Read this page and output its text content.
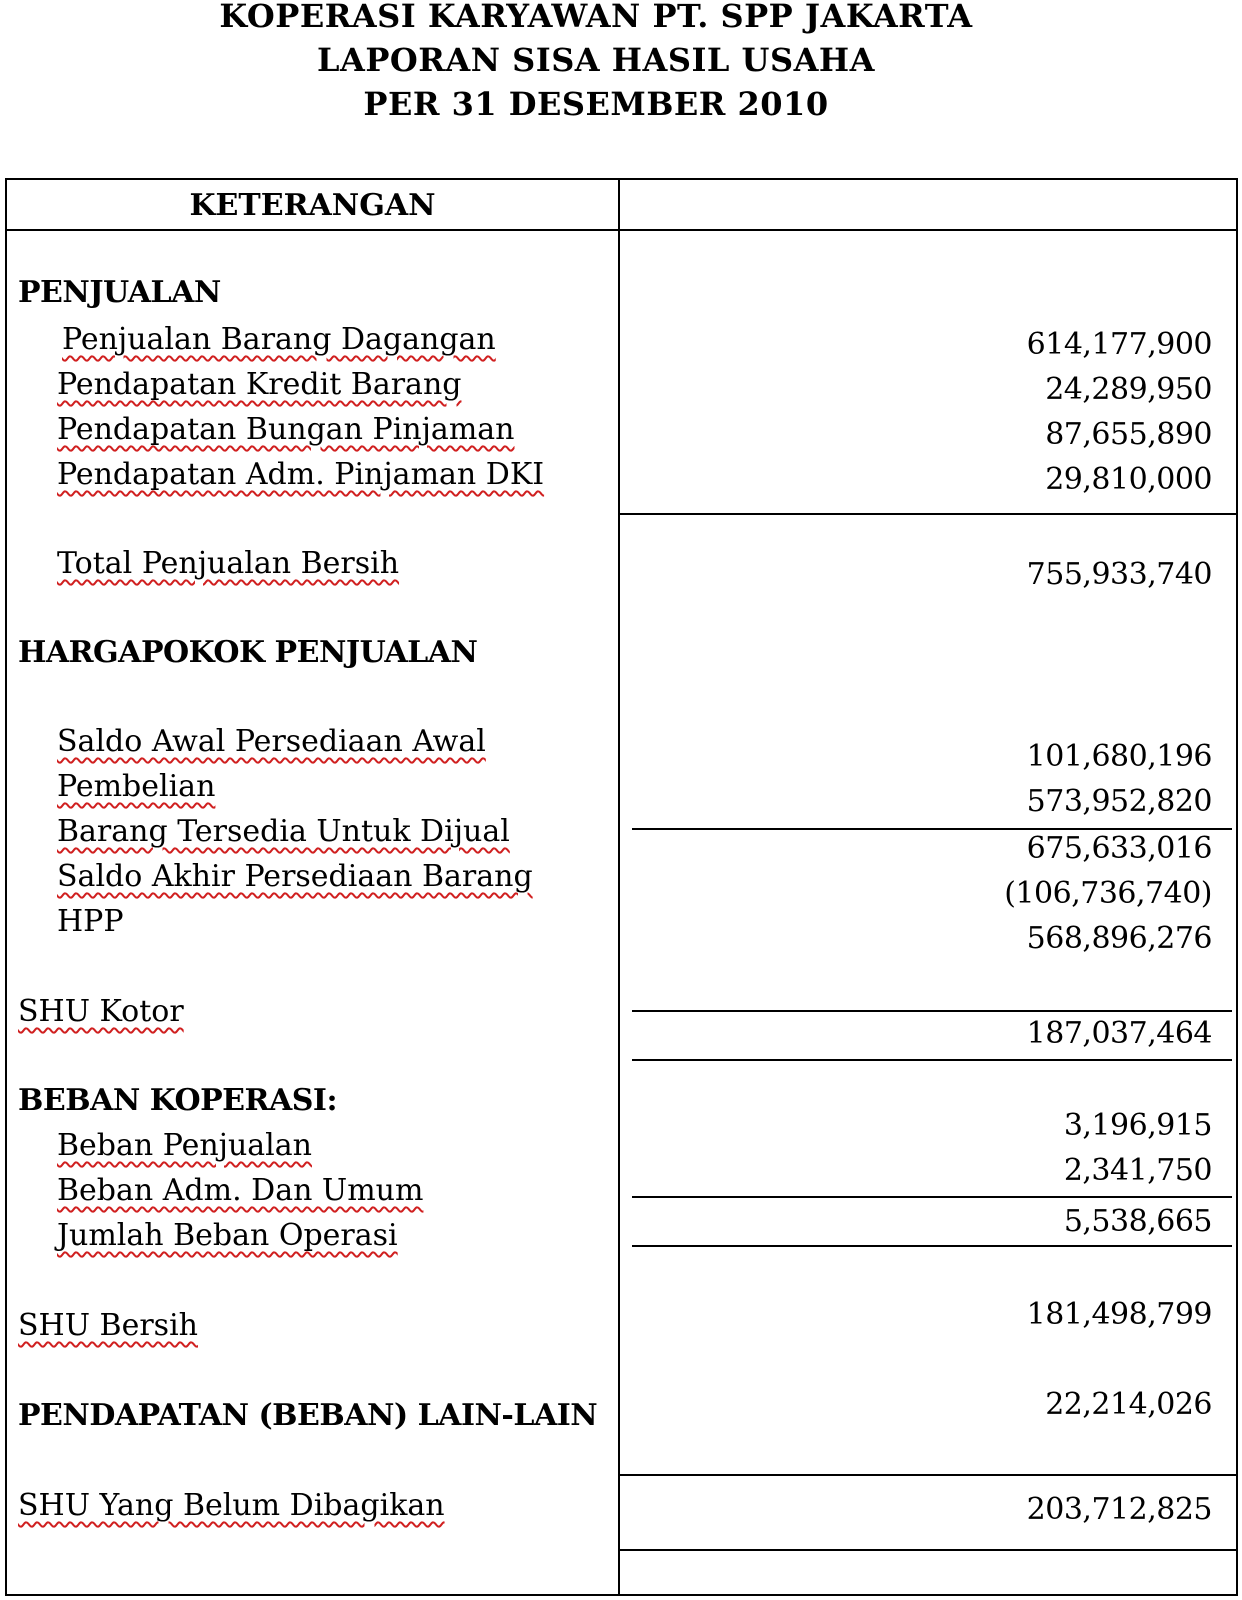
KOPERASI KARYAWAN PT. SPP JAKARTA
LAPORAN SISA HASIL USAHA
PER 31 DESEMBER 2010
KETERANGAN
PENJUALAN
Penjualan Barang Dagangan
Pendapatan Kredit Barang
Pendapatan Bungan Pinjaman
Pendapatan Adm. Pinjaman DKI
Total Penjualan Bersih
HARGAPOKOK PENJUALAN
Saldo Awal Persediaan Awal
Pembelian
Barang Tersedia Untuk Dijual
Saldo Akhir Persediaan Barang
HPP
SHU Kotor
BEBAN KOPERASI:
Beban Penjualan
Beban Adm. Dan Umum
Jumlah Beban Operasi
SHU Bersih
PENDAPATAN (BEBAN) LAIN-LAIN
SHU Yang Belum Dibagikan
614,177,900
24,289,950
87,655,890
29,810,000
755,933,740
101,680,196
573,952,820
675,633,016
(106,736,740)
568,896,276
187,037,464
3,196,915
2,341,750
5,538,665
181,498,799
22,214,026
203,712,825
